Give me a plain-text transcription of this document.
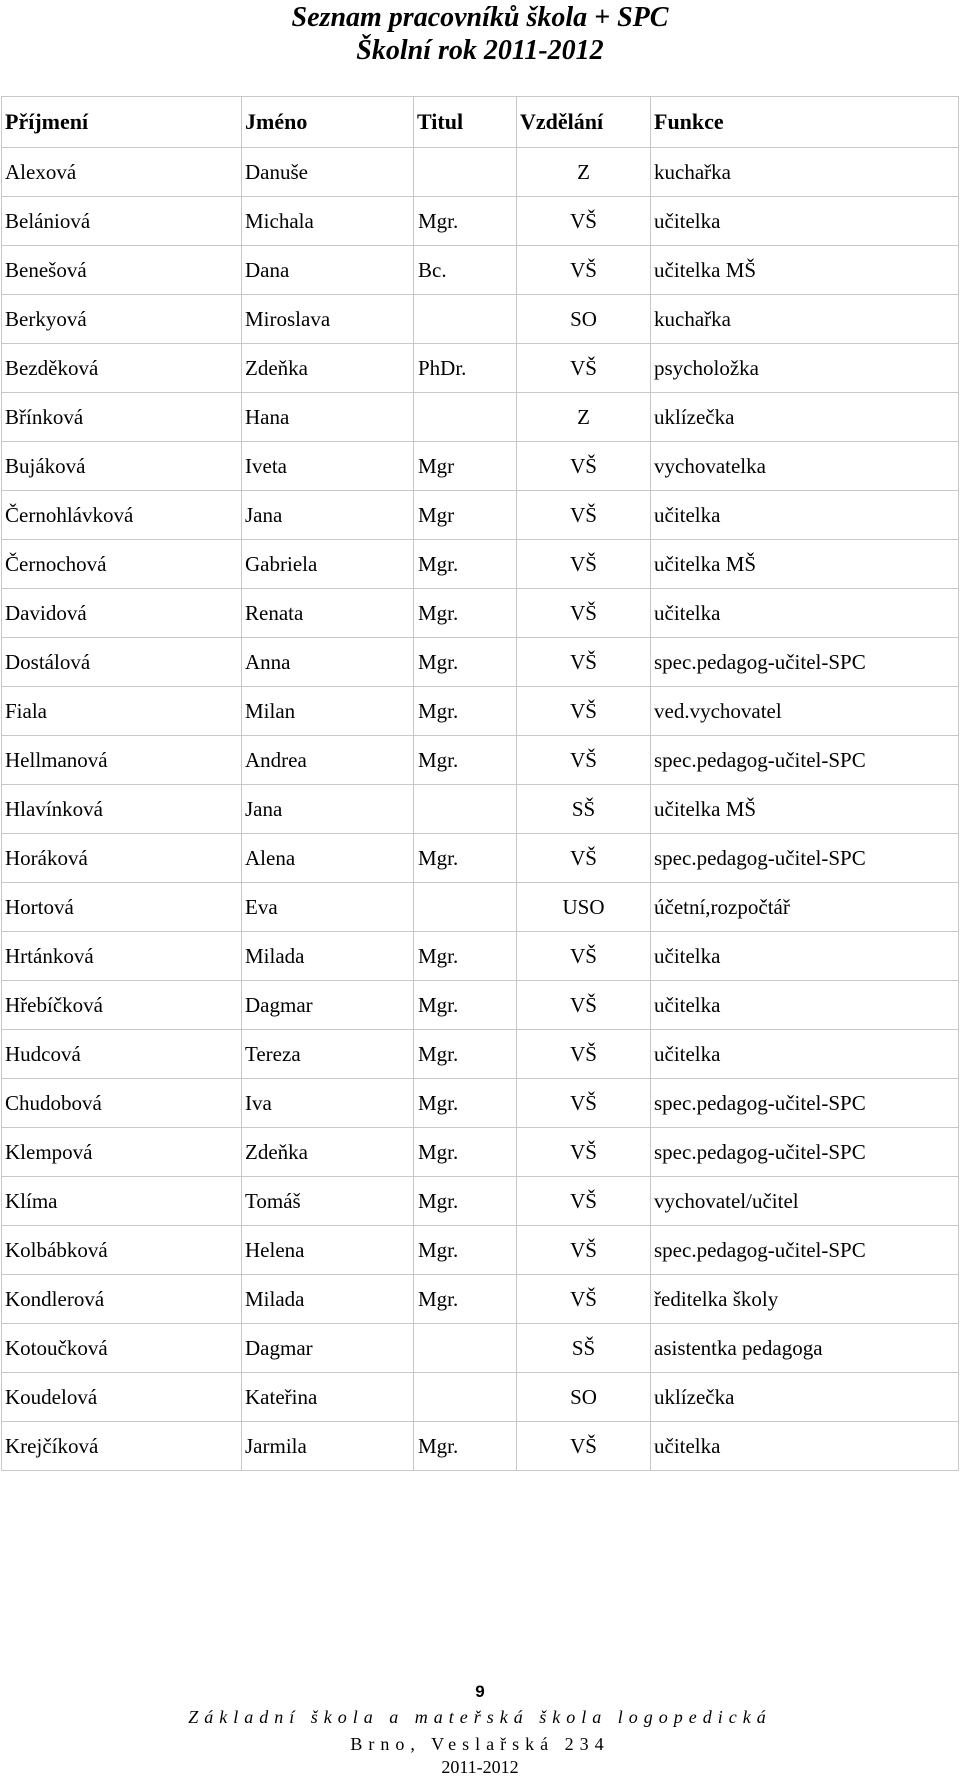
Seznam pracovníků škola + SPC
Školní rok 2011-2012
Příjmení	Jméno	Titul	Vzdělání	Funkce
Alexová	Danuše		Z	kuchařka
Belániová	Michala	Mgr.	VŠ	učitelka
Benešová	Dana	Bc.	VŠ	učitelka MŠ
Berkyová	Miroslava		SO	kuchařka
Bezděková	Zdeňka	PhDr.	VŠ	psycholožka
Břínková	Hana		Z	uklízečka
Bujáková	Iveta	Mgr	VŠ	vychovatelka
Černohlávková	Jana	Mgr	VŠ	učitelka
Černochová	Gabriela	Mgr.	VŠ	učitelka MŠ
Davidová	Renata	Mgr.	VŠ	učitelka
Dostálová	Anna	Mgr.	VŠ	spec.pedagog-učitel-SPC
Fiala	Milan	Mgr.	VŠ	ved.vychovatel
Hellmanová	Andrea	Mgr.	VŠ	spec.pedagog-učitel-SPC
Hlavínková	Jana		SŠ	učitelka MŠ
Horáková	Alena	Mgr.	VŠ	spec.pedagog-učitel-SPC
Hortová	Eva		USO	účetní,rozpočtář
Hrtánková	Milada	Mgr.	VŠ	učitelka
Hřebíčková	Dagmar	Mgr.	VŠ	učitelka
Hudcová	Tereza	Mgr.	VŠ	učitelka
Chudobová	Iva	Mgr.	VŠ	spec.pedagog-učitel-SPC
Klempová	Zdeňka	Mgr.	VŠ	spec.pedagog-učitel-SPC
Klíma	Tomáš	Mgr.	VŠ	vychovatel/učitel
Kolbábková	Helena	Mgr.	VŠ	spec.pedagog-učitel-SPC
Kondlerová	Milada	Mgr.	VŠ	ředitelka školy
Kotoučková	Dagmar		SŠ	asistentka pedagoga
Koudelová	Kateřina		SO	uklízečka
Krejčíková	Jarmila	Mgr.	VŠ	učitelka
9
Základní škola a mateřská škola logopedická
Brno, Veslařská 234
2011-2012
